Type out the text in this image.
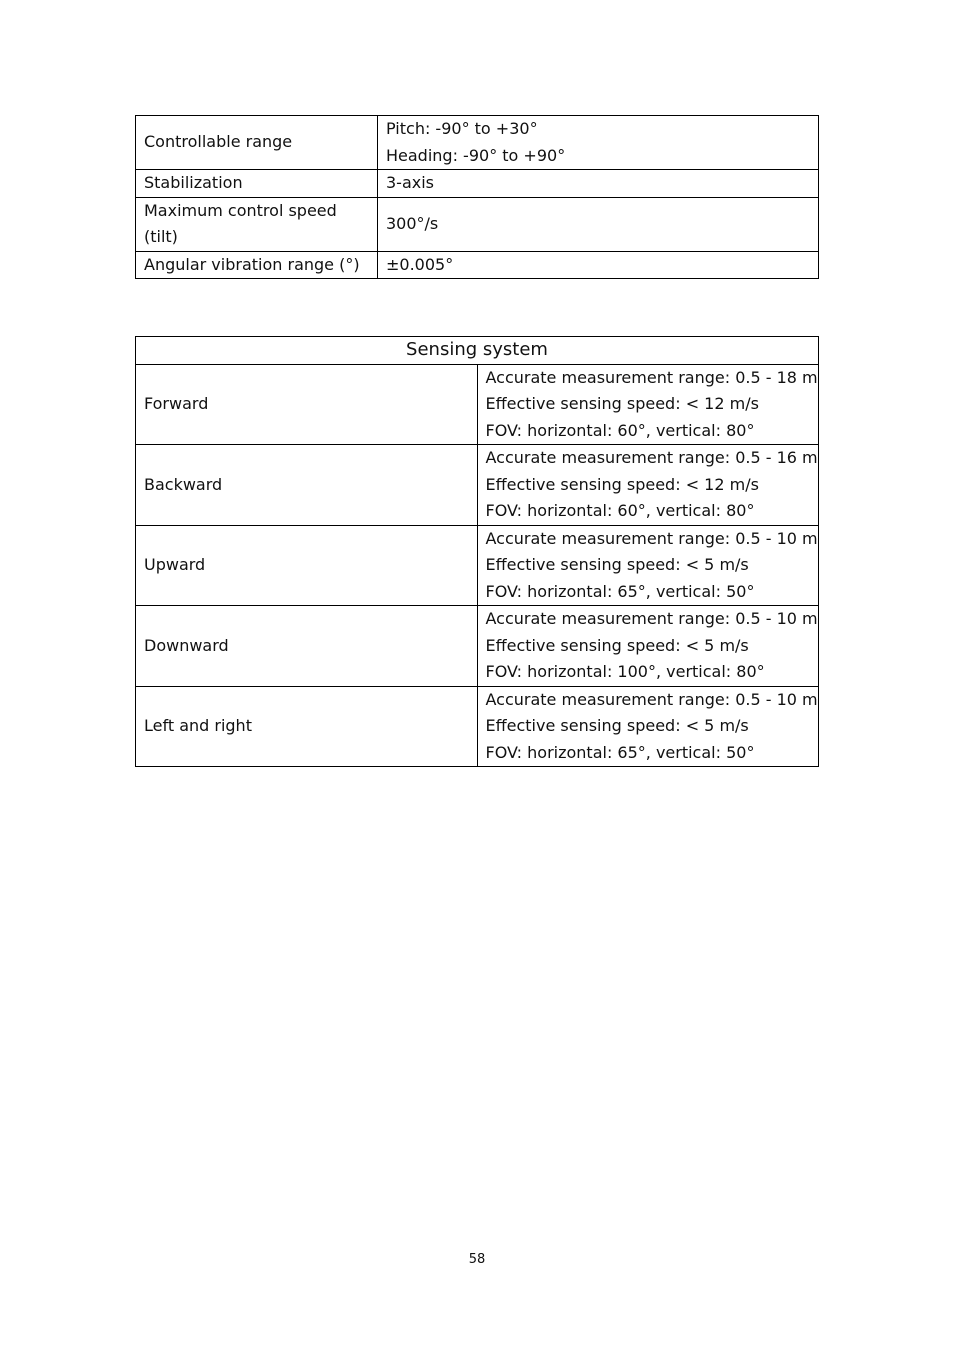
Controllable range	Pitch: -90° to +30°
Heading: -90° to +90°

Stabilization	3-axis

Maximum control speed (tilt)	300°/s

Angular vibration range (°)	±0.005°
Sensing system	
Forward	Accurate measurement range: 0.5 - 18 m
Effective sensing speed: < 12 m/s
FOV: horizontal: 60°, vertical: 80°

Backward	Accurate measurement range: 0.5 - 16 m
Effective sensing speed: < 12 m/s
FOV: horizontal: 60°, vertical: 80°

Upward	Accurate measurement range: 0.5 - 10 m
Effective sensing speed: < 5 m/s
FOV: horizontal: 65°, vertical: 50°

Downward	Accurate measurement range: 0.5 - 10 m
Effective sensing speed: < 5 m/s
FOV: horizontal: 100°, vertical: 80°

Left and right	Accurate measurement range: 0.5 - 10 m
Effective sensing speed: < 5 m/s
FOV: horizontal: 65°, vertical: 50°
58
